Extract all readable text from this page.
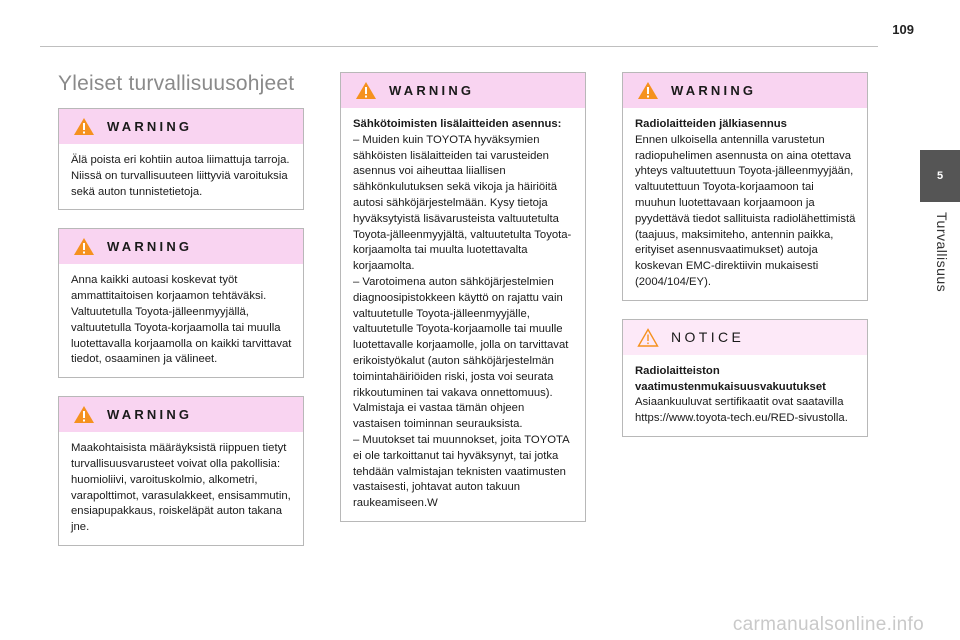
109
Yleiset turvallisuusohjeet
WARNING
Älä poista eri kohtiin autoa liimattuja tarroja. Niissä on turvallisuuteen liittyviä varoituksia sekä auton tunnistetietoja.
WARNING
Anna kaikki autoasi koskevat työt ammattitaitoisen korjaamon tehtäväksi. Valtuutetulla Toyota-jälleenmyyjällä, valtuutetulla Toyota-korjaamolla tai muulla luotettavalla korjaamolla on kaikki tarvittavat tiedot, osaaminen ja välineet.
WARNING
Maakohtaisista määräyksistä riippuen tietyt turvallisuusvarusteet voivat olla pakollisia: huomioliivi, varoituskolmio, alkometri, varapolttimot, varasulakkeet, ensisammutin, ensiapupakkaus, roiskeläpät auton takana jne.
WARNING
Sähkötoimisten lisälaitteiden asennus:
– Muiden kuin TOYOTA hyväksymien sähköisten lisälaitteiden tai varusteiden asennus voi aiheuttaa liiallisen sähkönkulutuksen sekä vikoja ja häiriöitä autosi sähköjärjestelmään. Kysy tietoja hyväksytyistä lisävarusteista valtuutetulta Toyota-jälleenmyyjältä, valtuutetulta Toyota-korjaamolta tai muulta luotettavalta korjaamolta.
– Varotoimena auton sähköjärjestelmien diagnoosipistokkeen käyttö on rajattu vain valtuutetulle Toyota-jälleenmyyjälle, valtuutetulle Toyota-korjaamolle tai muulle luotettavalle korjaamolle, jolla on tarvittavat erikoistyökalut (auton sähköjärjestelmän toimintahäiriöiden riski, josta voi seurata rikkoutuminen tai vakava onnettomuus). Valmistaja ei vastaa tämän ohjeen vastaisen toiminnan seurauksista.
– Muutokset tai muunnokset, joita TOYOTA ei ole tarkoittanut tai hyväksynyt, tai jotka tehdään valmistajan teknisten vaatimusten vastaisesti, johtavat auton takuun raukeamiseen.W
WARNING
Radiolaitteiden jälkiasennus
Ennen ulkoisella antennilla varustetun radiopuhelimen asennusta on aina otettava yhteys valtuutettuun Toyota-jälleenmyyjään, valtuutettuun Toyota-korjaamoon tai muuhun luotettavaan korjaamoon ja pyydettävä tiedot sallituista radiolähettimistä (taajuus, maksimiteho, antennin paikka, erityiset asennusvaatimukset) autoja koskevan EMC-direktiivin mukaisesti (2004/104/EY).
NOTICE
Radiolaitteiston vaatimustenmukaisuusvakuutukset
Asiaankuuluvat sertifikaatit ovat saatavilla https://www.toyota-tech.eu/RED-sivustolla.
5
Turvallisuus
carmanualsonline.info
